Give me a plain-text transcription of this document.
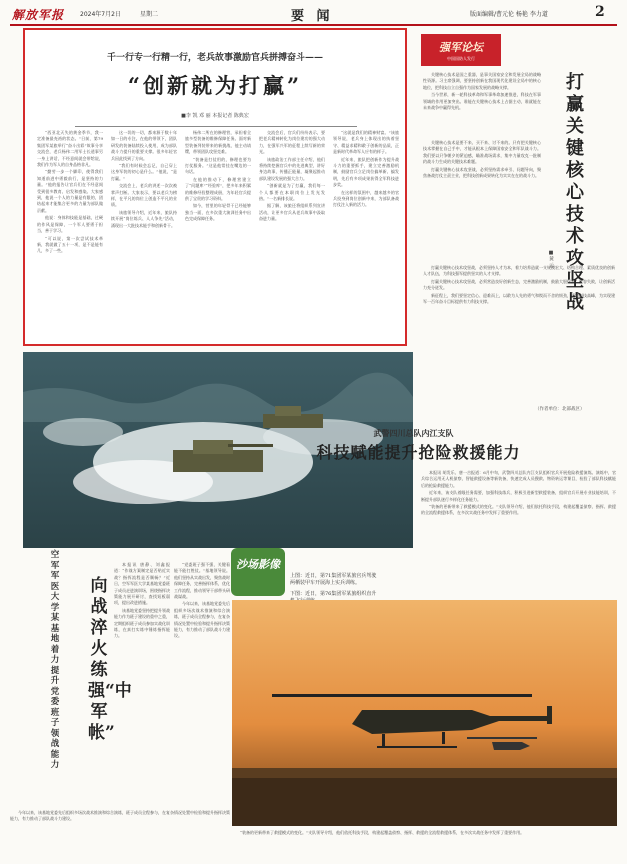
解放军报	2024年7月2日	星期二	要 闻	版面编辑/曹元伦 杨艳 李力道	2
千一行专一行精一行，老兵故事激励官兵拼搏奋斗——
“创新就为打赢”
■李 凯 邓 丽 本报记者 陈典宏

“西亚北天失的黄金季节，我一定准备最充裕的状态。”日前，第79集团军某旅举行“奋斗出彩”故事分享交流会，老兵杨伟二用军士长道事另一身上讲话，不经意间就会带给说，我们作为军人的自身品格非凡。

“勤劳一步一个脚印，使得我们知道前进中勇毅前行，是坚持的力量。”他的报告让官兵们在不经意间受到很多教育、启发和感染。大家感到，他说一个人的力量是有限的，团结起来才能集合更多的力量为部队做贡献。

他说：身体和技能是基础，过硬的作风是保障，一个军人要勇于担当，善于学习。

“可以说，第一次尝试技术革新，我就做了五十一项，是不是能有几，多了一些。

这一切的一切，都来源于数十年如一日的专注。在他的带领下，团队研发的装备陆续投入使用，成为部队战斗力提升的重要支撑。很多年轻官兵因此找到了方向。

“我们有时候会忘记，自己穿上这身军装的初心是什么。”他说，“是打赢。”

交流会上，老兵的讲述一次次被掌声打断。大家表示，要以老兵为榜样，在平凡的岗位上创造不平凡的业绩。

该旅领导介绍，近年来，旅队持续开展“岗位练兵、人人争先”活动，涌现出一大批技术能手和创新骨干。

杨伟二所在的修理营，承担着全旅多型装备的维修保障任务。面对新型装备列装带来的新挑战，他主动请缨，带领团队攻坚克难。

“装备是打仗用的，修理也要为打仗服务。”这是他常挂在嘴边的一句话。

在他的推动下，修理营建立了“问题库”“经验库”，把多年来积累的维修经验整理成册，为年轻官兵提供了宝贵的学习资料。

如今，营里的年轻骨干已经能够独当一面，在多次重大演训任务中出色完成保障任务。

交流会后，官兵们纷纷表示，要把老兵精神转化为岗位建功的强大动力，在强军兴军的征程上续写新的荣光。

该旅政治工作部主任介绍，他们将持续挖掘官兵中的先进典型，讲好身边故事，传播正能量，凝聚起推动部队建设发展的强大合力。

“创新就是为了打赢，我们每一个人都要在本职岗位上发光发热。”一名新排长说。

据了解，该旅还将组织系列宣讲活动，让更多官兵从老兵故事中汲取奋进力量。

“这就是我们的精神财富。”该旅领导说，老兵身上体现出的执着坚守、精益求精和敢于创新的品质，正是新时代革命军人应有的样子。

近年来，旅队把创新作为提升战斗力的重要抓手，建立完善激励机制，鼓励官兵立足岗位搞革新、搞发明，先后有多项成果获得全军科技进步奖。

在这样的氛围中，越来越多的官兵投身到岗位创新中来，为部队备战打仗注入新的活力。

强军论坛
中国国防人发行
打赢关键核心技术攻坚战
■黄 云

关键核心技术是国之重器，是事关国家安全和发展全局的战略性资源。习主席强调，要坚持创新在我国现代化建设全局中的核心地位，把科技自立自强作为国家发展的战略支撑。

当今世界，新一轮科技革命和军事革命加速推进，科技在军事领域的作用更加突出。谁能在关键核心技术上占据主动，谁就能在未来战争中赢得先机。

关键核心技术是要不来、买不来、讨不来的。只有把关键核心技术掌握在自己手中，才能从根本上保障国家安全和军队战斗力。我们要以只争朝夕的紧迫感，瞄准战场需求，集中力量攻克一批制约战斗力生成的关键技术难题。

打赢关键核心技术攻坚战，必须坚持需求牵引、问题导向，聚焦备战打仗主责主业，把科技创新成果转化为实实在在的战斗力。

打赢关键核心技术攻坚战，必须坚持人才为本，着力培养造就一支规模宏大、结构合理、素质优良的创新人才队伍，为科技强军提供坚实的人才支撑。

打赢关键核心技术攻坚战，必须营造良好创新生态，完善激励机制，鼓励大胆探索、宽容失败，让创新活力充分迸发。

新征程上，我们要坚定信心、迎难而上，以敢为人先的勇气和锲而不舍的韧劲，勇攀科技高峰，为实现建军一百年奋斗目标提供有力科技支撑。

（作者单位：北部战区）
武警四川总队内江支队
科技赋能提升抢险救援能力

本报讯 胡发乐、唐一吉报道：6月中旬，武警四川总队内江支队组织官兵开展抢险救援演练。演练中，官兵综合运用无人机侦察、智能救援设备等新装备，快速完成人员搜救、物资转运等课目，检验了部队科技赋能后的抢险救援能力。

近年来，该支队着眼任务需要，加强科技练兵，积极引进新型救援装备，组织官兵开展专业技能培训，不断提升部队遂行多样化任务能力。

“装备的更新带来了救援模式的变化。”支队领导介绍，他们依托科技手段，构建起覆盖侦察、指挥、救援的全流程救援体系，在多次实战任务中发挥了重要作用。

沙场影像
上图：近日，第71集团军某旅官兵驾驶两栖装甲车开展海上实兵训练。
下图：近日，第76集团军某旅组织直升
空军军医大学某基地着力提升党委班子领战能力
向战淬火练强“中军帐”

本报讯 唐静、刘鑫报道：“作战方案制定是否贴近实战？指挥流程是否顺畅？”近日，空军军医大学某基地党委班子成员走进演训场，围绕指挥决策能力展开研讨，查找短板弱项，提出改进措施。

该基地党委坚持把提升领战能力作为班子建设的重中之重，定期组织班子成员参加实战化训练，在真打实练中锤炼指挥能力。

“党委班子强不强，关键看能不能打胜仗。”基地领导说。他们坚持从实战出发，聚焦战时保障任务，完善指挥体系，优化工作流程，推动领导干部带头研战谋战。

今年以来，该基地党委先后组织多场次战术推演和综合演练，班子成员全程参与，在复杂情况处置中检验和提升指挥决策能力，有力推动了部队战斗力建设。

今年以来，该基地党委先后组织多场次战术推演和综合演练，班子成员全程参与，在复杂情况处置中检验和提升指挥决策能力，有力推动了部队战斗力建设。

“装备的更新带来了救援模式的变化。”支队领导介绍，他们依托科技手段，构建起覆盖侦察、指挥、救援的全流程救援体系，在多次实战任务中发挥了重要作用。
